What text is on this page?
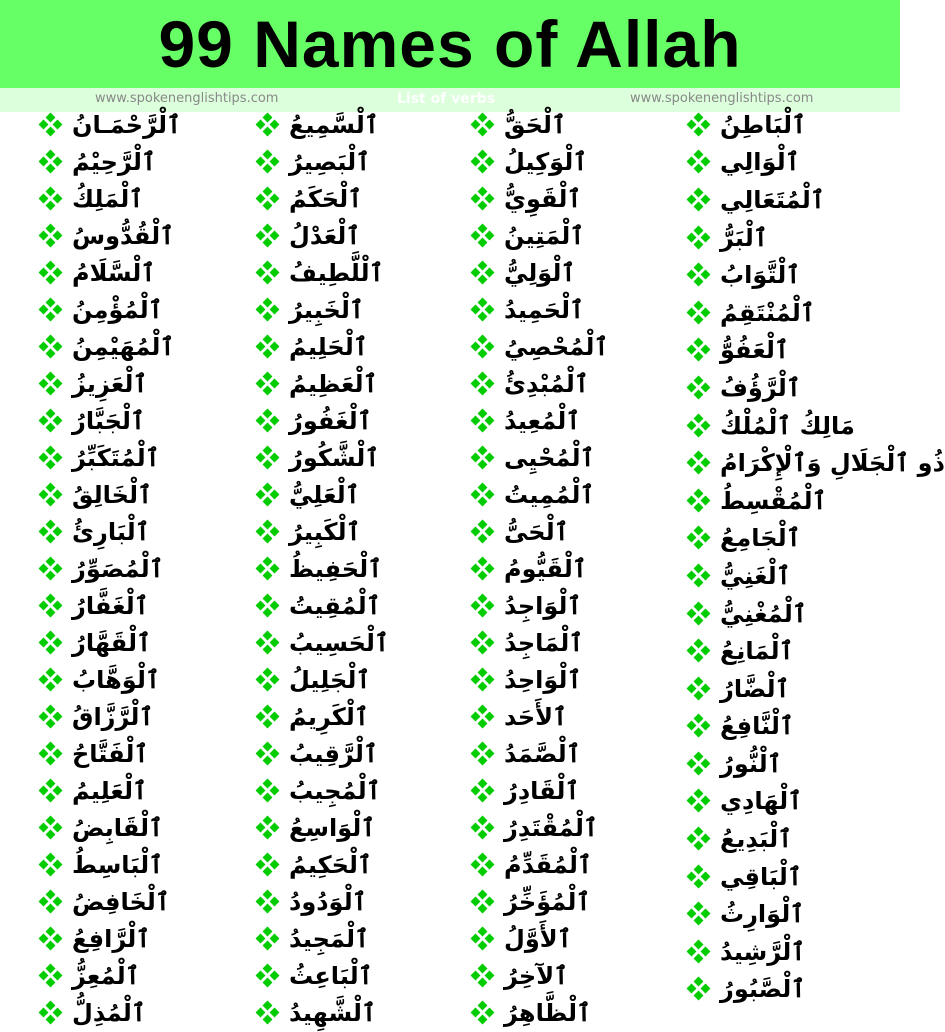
99 Names of Allah
www.spokenenglishtips.com	List of verbs	www.spokenenglishtips.com
ٱلْرَّحْمَـانُ
ٱلْرَّحِيْمُ
ٱلْمَلِكُ
ٱلْقُدُّوسُ
ٱلْسَّلَامُ
ٱلْمُؤْمِنُ
ٱلْمُهَيْمِنُ
ٱلْعَزِيزُ
ٱلْجَبَّارُ
ٱلْمُتَكَبِّرُ
ٱلْخَالِقُ
ٱلْبَارِئُ
ٱلْمُصَوِّرُ
ٱلْغَفَّارُ
ٱلْقَهَّارُ
ٱلْوَهَّابُ
ٱلْرَّزَّاقُ
ٱلْفَتَّاحُ
ٱلْعَلِيمُ
ٱلْقَابِضُ
ٱلْبَاسِطُ
ٱلْخَافِضُ
ٱلْرَّافِعُ
ٱلْمُعِزُّ
ٱلْمُذِلُّ
ٱلْسَّمِيعُ
ٱلْبَصِيرُ
ٱلْحَكَمُ
ٱلْعَدْلُ
ٱلْلَّطِيفُ
ٱلْخَبِيرُ
ٱلْحَلِيمُ
ٱلْعَظِيمُ
ٱلْغَفُورُ
ٱلْشَّكُورُ
ٱلْعَلِيُّ
ٱلْكَبِيرُ
ٱلْحَفِيظُ
ٱلْمُقِيتُ
ٱلْحَسِيبُ
ٱلْجَلِيلُ
ٱلْكَرِيمُ
ٱلْرَّقِيبُ
ٱلْمُجِيبُ
ٱلْوَاسِعُ
ٱلْحَكِيمُ
ٱلْوَدُودُ
ٱلْمَجِيدُ
ٱلْبَاعِثُ
ٱلْشَّهِيدُ
ٱلْحَقُّ
ٱلْوَكِيلُ
ٱلْقَوِيُّ
ٱلْمَتِينُ
ٱلْوَلِيُّ
ٱلْحَمِيدُ
ٱلْمُحْصِيُ
ٱلْمُبْدِئُ
ٱلْمُعِيدُ
ٱلْمُحْيِى
ٱلْمُمِيتُ
ٱلْحَىُّ
ٱلْقَيُّومُ
ٱلْوَاجِدُ
ٱلْمَاجِدُ
ٱلْوَاحِدُ
ٱلأَحَد
ٱلْصَّمَدُ
ٱلْقَادِرُ
ٱلْمُقْتَدِرُ
ٱلْمُقَدِّمُ
ٱلْمُؤَخِّرُ
ٱلأَوَّلُ
ٱلآخِرُ
ٱلْظَّاهِرُ
ٱلْبَاطِنُ
ٱلْوَالِي
ٱلْمُتَعَالِي
ٱلْبَرُّ
ٱلْتَّوَابُ
ٱلْمُنْتَقِمُ
ٱلْعَفُوُّ
ٱلْرَّؤُفُ
مَالِكُ ٱلْمُلْكُ
ذُو ٱلْجَلَالِ وَٱلْإِكْرَامُ
ٱلْمُقْسِطُ
ٱلْجَامِعُ
ٱلْغَنِيُّ
ٱلْمُغْنِيُّ
ٱلْمَانِعُ
ٱلْضَّارُ
ٱلْنَّافِعُ
ٱلْنُّورُ
ٱلْهَادِي
ٱلْبَدِيعُ
ٱلْبَاقِي
ٱلْوَارِثُ
ٱلْرَّشِيدُ
ٱلْصَّبُورُ
